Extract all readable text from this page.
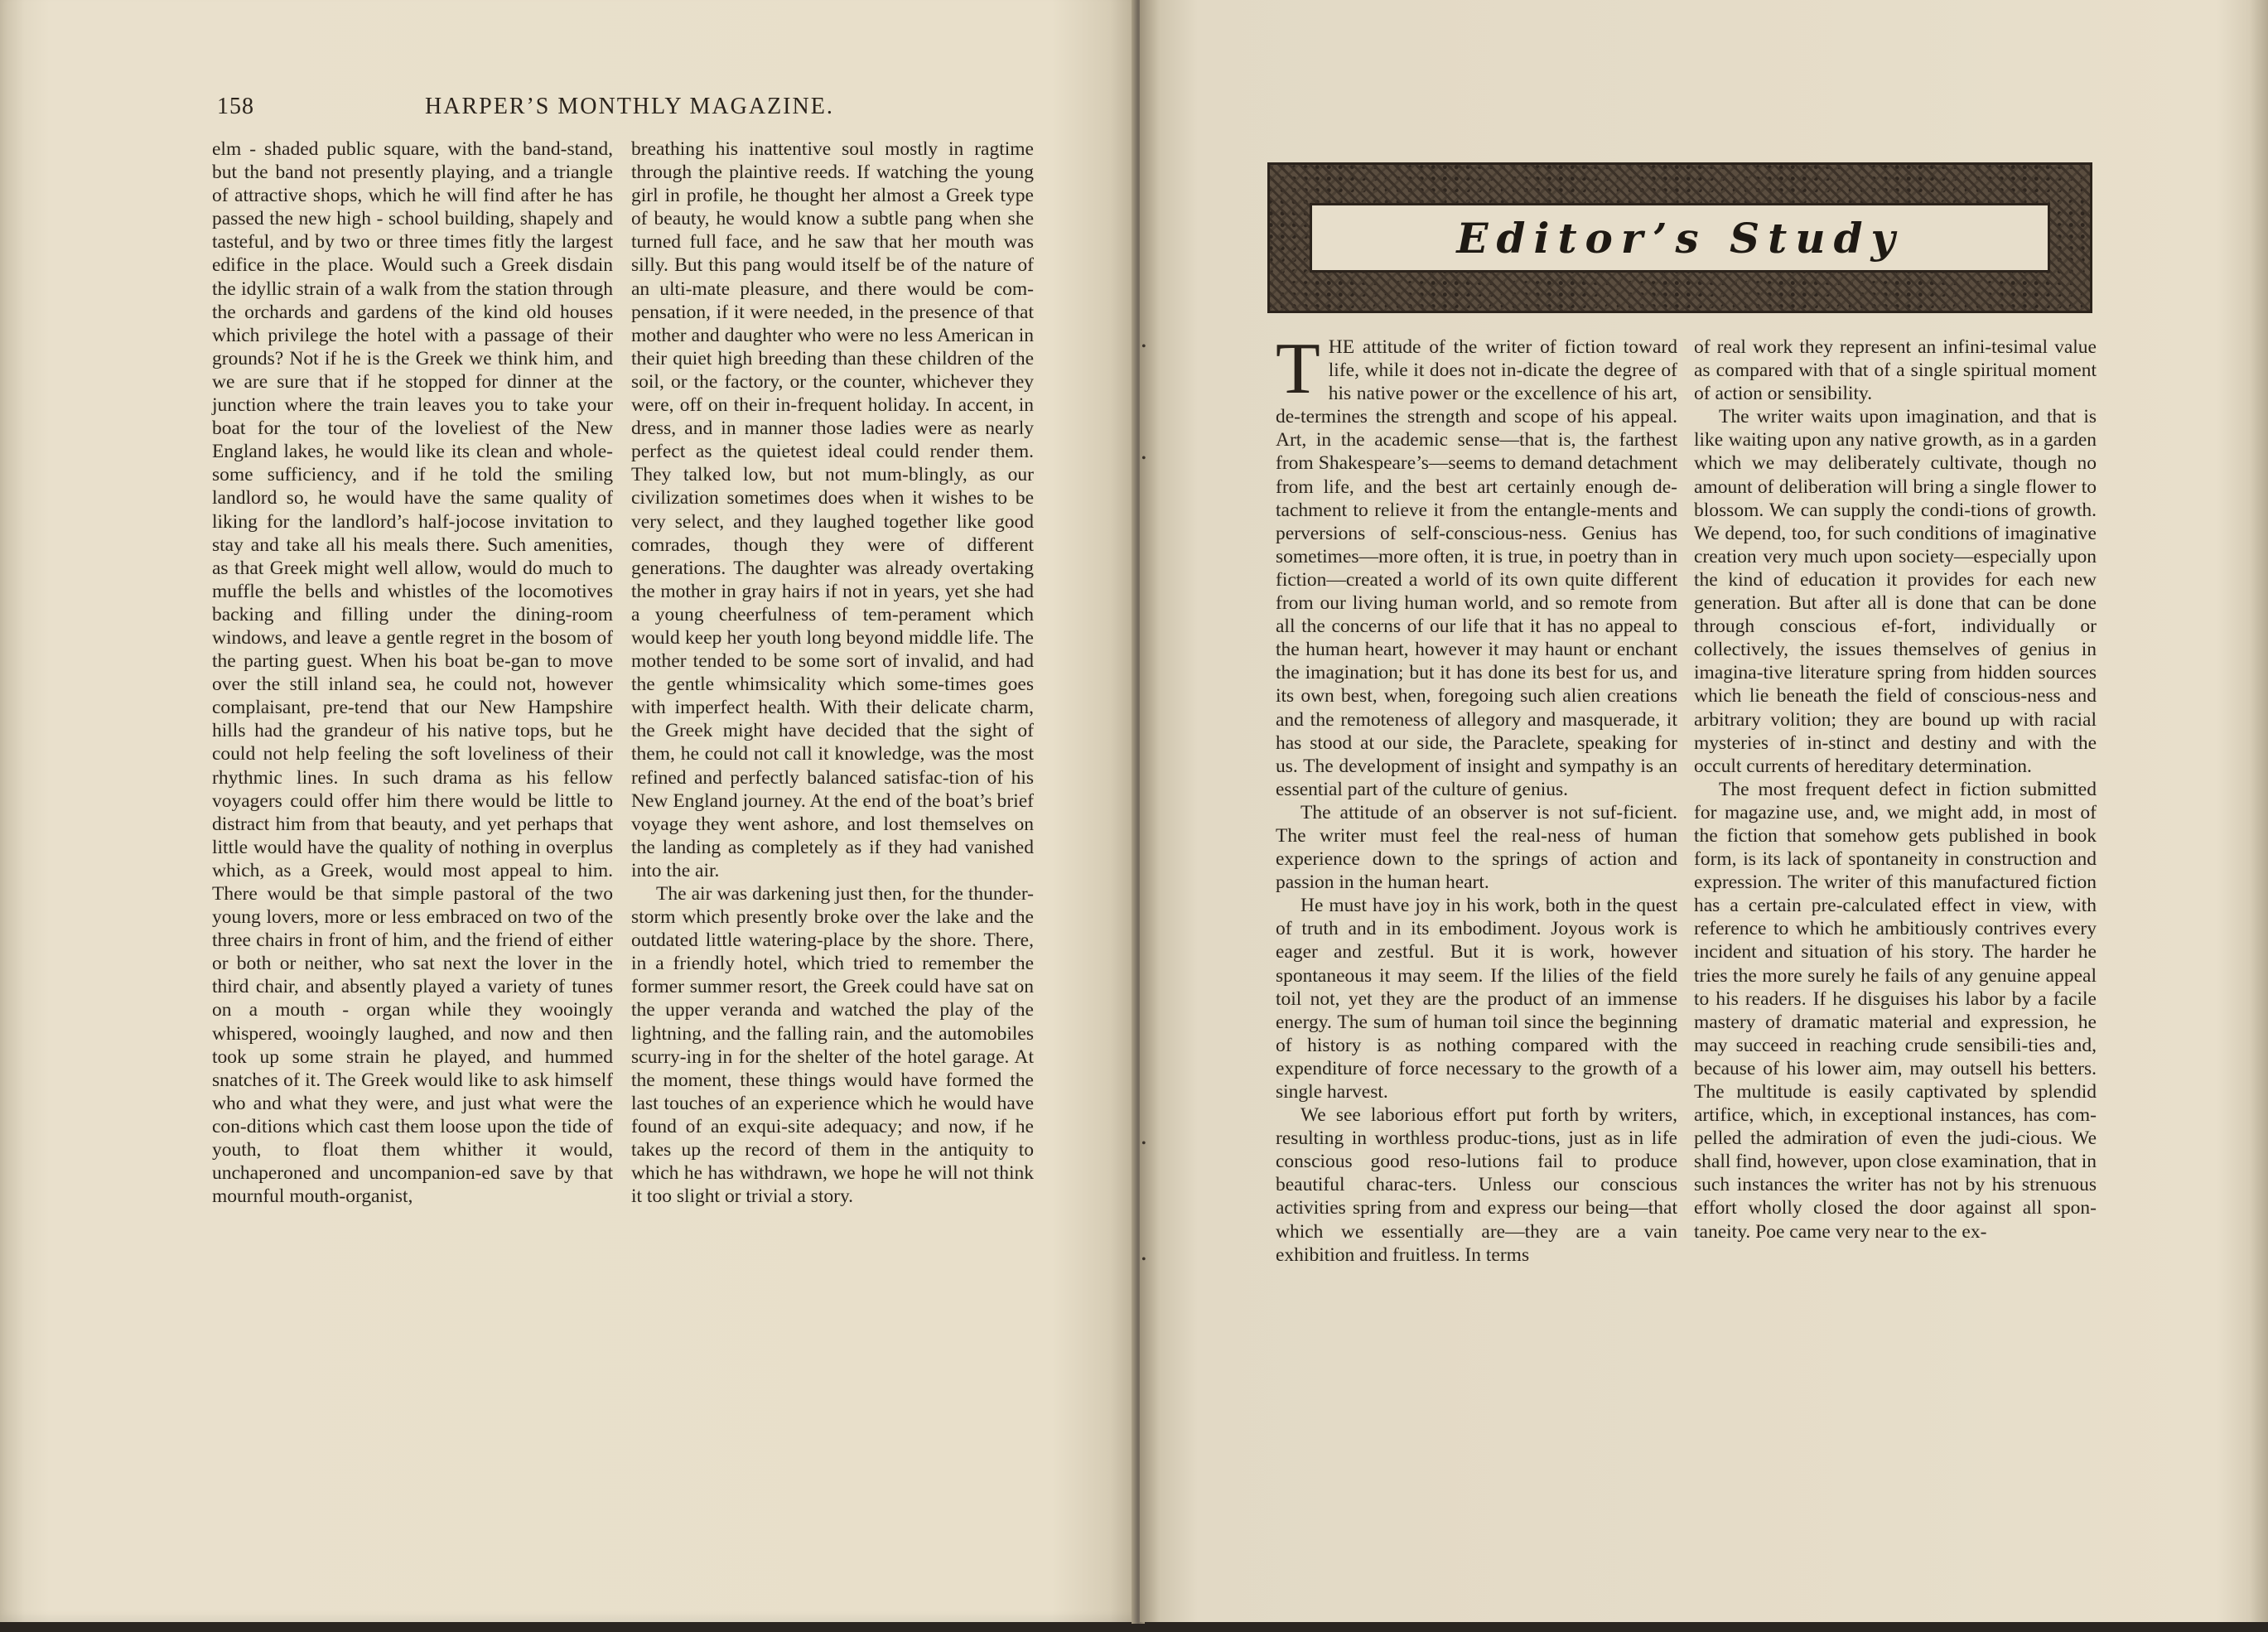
158	HARPER’S MONTHLY MAGAZINE.

elm - shaded public square, with the band-stand, but the band not presently playing, and a triangle of attractive shops, which he will find after he has passed the new high - school building, shapely and tasteful, and by two or three times fitly the largest edifice in the place. Would such a Greek disdain the idyllic strain of a walk from the station through the orchards and gardens of the kind old houses which privilege the hotel with a passage of their grounds? Not if he is the Greek we think him, and we are sure that if he stopped for dinner at the junction where the train leaves you to take your boat for the tour of the loveliest of the New England lakes, he would like its clean and whole-some sufficiency, and if he told the smiling landlord so, he would have the same quality of liking for the landlord’s half-jocose invitation to stay and take all his meals there. Such amenities, as that Greek might well allow, would do much to muffle the bells and whistles of the locomotives backing and filling under the dining-room windows, and leave a gentle regret in the bosom of the parting guest. When his boat be-gan to move over the still inland sea, he could not, however complaisant, pre-tend that our New Hampshire hills had the grandeur of his native tops, but he could not help feeling the soft loveliness of their rhythmic lines. In such drama as his fellow voyagers could offer him there would be little to distract him from that beauty, and yet perhaps that little would have the quality of nothing in overplus which, as a Greek, would most appeal to him. There would be that simple pastoral of the two young lovers, more or less embraced on two of the three chairs in front of him, and the friend of either or both or neither, who sat next the lover in the third chair, and absently played a variety of tunes on a mouth - organ while they wooingly whispered, wooingly laughed, and now and then took up some strain he played, and hummed snatches of it. The Greek would like to ask himself who and what they were, and just what were the con-ditions which cast them loose upon the tide of youth, to float them whither it would, unchaperoned and uncompanion-ed save by that mournful mouth-organist,

breathing his inattentive soul mostly in ragtime through the plaintive reeds. If watching the young girl in profile, he thought her almost a Greek type of beauty, he would know a subtle pang when she turned full face, and he saw that her mouth was silly. But this pang would itself be of the nature of an ulti-mate pleasure, and there would be com-pensation, if it were needed, in the presence of that mother and daughter who were no less American in their quiet high breeding than these children of the soil, or the factory, or the counter, whichever they were, off on their in-frequent holiday. In accent, in dress, and in manner those ladies were as nearly perfect as the quietest ideal could render them. They talked low, but not mum-blingly, as our civilization sometimes does when it wishes to be very select, and they laughed together like good comrades, though they were of different generations. The daughter was already overtaking the mother in gray hairs if not in years, yet she had a young cheerfulness of tem-perament which would keep her youth long beyond middle life. The mother tended to be some sort of invalid, and had the gentle whimsicality which some-times goes with imperfect health. With their delicate charm, the Greek might have decided that the sight of them, he could not call it knowledge, was the most refined and perfectly balanced satisfac-tion of his New England journey. At the end of the boat’s brief voyage they went ashore, and lost themselves on the landing as completely as if they had vanished into the air.

The air was darkening just then, for the thunder-storm which presently broke over the lake and the outdated little watering-place by the shore. There, in a friendly hotel, which tried to remember the former summer resort, the Greek could have sat on the upper veranda and watched the play of the lightning, and the falling rain, and the automobiles scurry-ing in for the shelter of the hotel garage. At the moment, these things would have formed the last touches of an experience which he would have found of an exqui-site adequacy; and now, if he takes up the record of them in the antiquity to which he has withdrawn, we hope he will not think it too slight or trivial a story.

•
•
•
•
Editor’s Study

THE attitude of the writer of fiction toward life, while it does not in-dicate the degree of his native power or the excellence of his art, de-termines the strength and scope of his appeal. Art, in the academic sense—that is, the farthest from Shakespeare’s—seems to demand detachment from life, and the best art certainly enough de-tachment to relieve it from the entangle-ments and perversions of self-conscious-ness. Genius has sometimes—more often, it is true, in poetry than in fiction—created a world of its own quite different from our living human world, and so remote from all the concerns of our life that it has no appeal to the human heart, however it may haunt or enchant the imagination; but it has done its best for us, and its own best, when, foregoing such alien creations and the remoteness of allegory and masquerade, it has stood at our side, the Paraclete, speaking for us. The development of insight and sympathy is an essential part of the culture of genius.

The attitude of an observer is not suf-ficient. The writer must feel the real-ness of human experience down to the springs of action and passion in the human heart.

He must have joy in his work, both in the quest of truth and in its embodiment. Joyous work is eager and zestful. But it is work, however spontaneous it may seem. If the lilies of the field toil not, yet they are the product of an immense energy. The sum of human toil since the beginning of history is as nothing compared with the expenditure of force necessary to the growth of a single harvest.

We see laborious effort put forth by writers, resulting in worthless produc-tions, just as in life conscious good reso-lutions fail to produce beautiful charac-ters. Unless our conscious activities spring from and express our being—that which we essentially are—they are a vain exhibition and fruitless. In terms

of real work they represent an infini-tesimal value as compared with that of a single spiritual moment of action or sensibility.

The writer waits upon imagination, and that is like waiting upon any native growth, as in a garden which we may deliberately cultivate, though no amount of deliberation will bring a single flower to blossom. We can supply the condi-tions of growth. We depend, too, for such conditions of imaginative creation very much upon society—especially upon the kind of education it provides for each new generation. But after all is done that can be done through conscious ef-fort, individually or collectively, the issues themselves of genius in imagina-tive literature spring from hidden sources which lie beneath the field of conscious-ness and arbitrary volition; they are bound up with racial mysteries of in-stinct and destiny and with the occult currents of hereditary determination.

The most frequent defect in fiction submitted for magazine use, and, we might add, in most of the fiction that somehow gets published in book form, is its lack of spontaneity in construction and expression. The writer of this manufactured fiction has a certain pre-calculated effect in view, with reference to which he ambitiously contrives every incident and situation of his story. The harder he tries the more surely he fails of any genuine appeal to his readers. If he disguises his labor by a facile mastery of dramatic material and expression, he may succeed in reaching crude sensibili-ties and, because of his lower aim, may outsell his betters. The multitude is easily captivated by splendid artifice, which, in exceptional instances, has com-pelled the admiration of even the judi-cious. We shall find, however, upon close examination, that in such instances the writer has not by his strenuous effort wholly closed the door against all spon-taneity. Poe came very near to the ex-
